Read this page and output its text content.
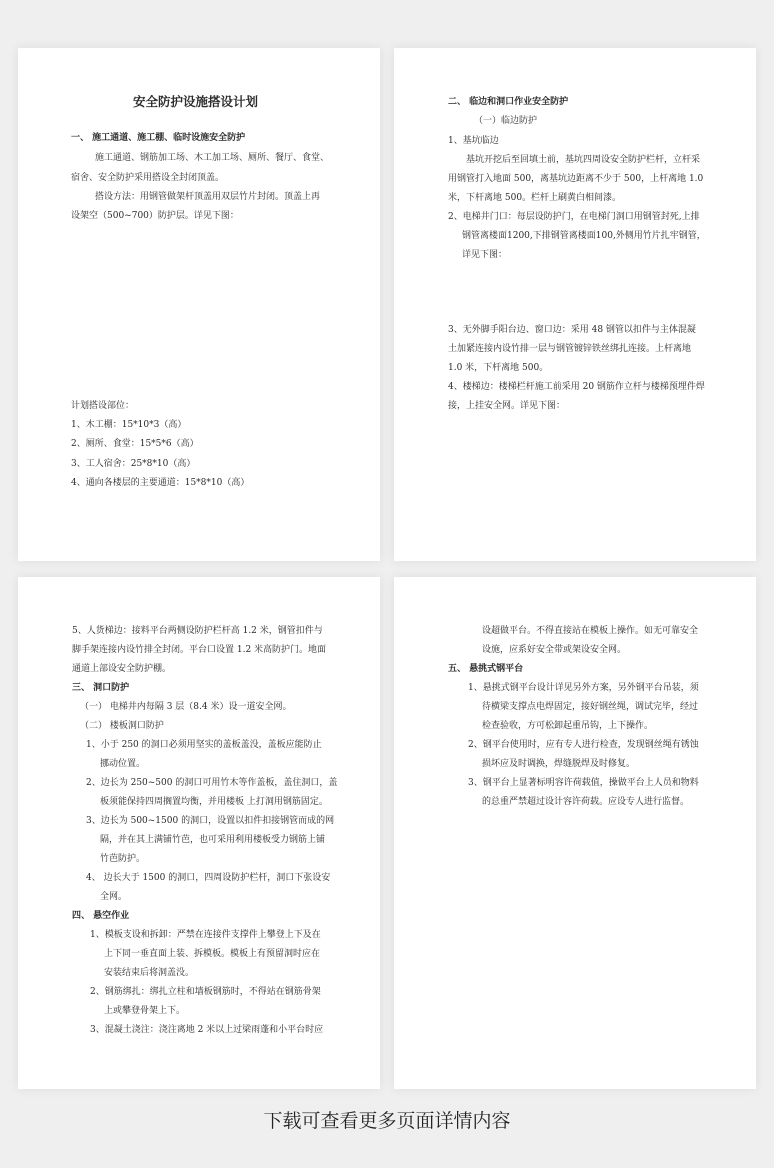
安全防护设施搭设计划
一、 施工通道、施工棚、临时设施安全防护
施工通道、钢筋加工场、木工加工场、厕所、餐厅、食堂、
宿舍、安全防护采用搭设全封闭顶盖。
搭设方法：用钢管做架杆顶盖用双层竹片封闭。顶盖上再
设架空（500~700）防护层。详见下图：
计划搭设部位：
1、木工棚：15*10*3（高）
2、厕所、食堂：15*5*6（高）
3、工人宿舍：25*8*10（高）
4、通向各楼层的主要通道：15*8*10（高）
二、 临边和洞口作业安全防护
（一）临边防护
1、基坑临边
基坑开挖后至回填土前，基坑四周设安全防护栏杆，立杆采
用钢管打入地面 500，离基坑边距离不少于 500，上杆离地 1.0
米，下杆离地 500。栏杆上刷黄白相间漆。
2、电梯井门口：每层设防护门，在电梯门洞口用钢管封死,上排
钢管离楼面1200,下排钢管离楼面100,外侧用竹片扎牢钢管，
详见下图：
3、无外脚手阳台边、窗口边：采用 48 钢管以扣件与主体混凝
土加紧连接内设竹排一层与钢管镀锌铁丝绑扎连接。上杆离地
1.0 米，下杆离地 500。
4、楼梯边：楼梯栏杆施工前采用 20 钢筋作立杆与楼梯预埋件焊
接，上挂安全网。详见下图：
5、人货梯边：接料平台两侧设防护栏杆高 1.2 米，钢管扣件与
脚手架连接内设竹排全封闭。平台口设置 1.2 米高防护门。地面
通道上部设安全防护棚。
三、 洞口防护
（一） 电梯井内每隔 3 层（8.4 米）设一道安全网。
（二） 楼板洞口防护
1、小于 250 的洞口必须用坚实的盖板盖没，盖板应能防止
挪动位置。
2、边长为 250~500 的洞口可用竹木等作盖板，盖住洞口，盖
板须能保持四周搁置均衡，并用楼板 上打洞用钢筋固定。
3、边长为 500~1500 的洞口，设置以扣件扣接钢管而成的网
隔，并在其上满铺竹芭，也可采用利用楼板受力钢筋上铺
竹芭防护。
4、 边长大于 1500 的洞口，四周设防护栏杆，洞口下张设安
全网。
四、 悬空作业
1、模板支设和拆卸：严禁在连接件支撑件上攀登上下及在
上下同一垂直面上装、拆模板。模板上有预留洞时应在
安装结束后将洞盖没。
2、钢筋绑扎：绑扎立柱和墙板钢筋时，不得站在钢筋骨架
上或攀登骨架上下。
3、混凝土浇注：浇注离地 2 米以上过梁雨蓬和小平台时应
设超做平台。不得直接站在模板上操作。如无可靠安全
设施，应系好安全带或架设安全网。
五、 悬挑式钢平台
1、悬挑式钢平台设计详见另外方案，另外钢平台吊装，须
待横梁支撑点电焊固定，接好钢丝绳，调试完毕，经过
检查验收，方可松卸起重吊钩，上下操作。
2、钢平台使用时，应有专人进行检查，发现钢丝绳有锈蚀
损坏应及时调换，焊缝脱焊及时修复。
3、钢平台上显著标明容许荷载值，操做平台上人员和物料
的总重严禁超过设计容许荷载。应设专人进行监督。
下载可查看更多页面详情内容
